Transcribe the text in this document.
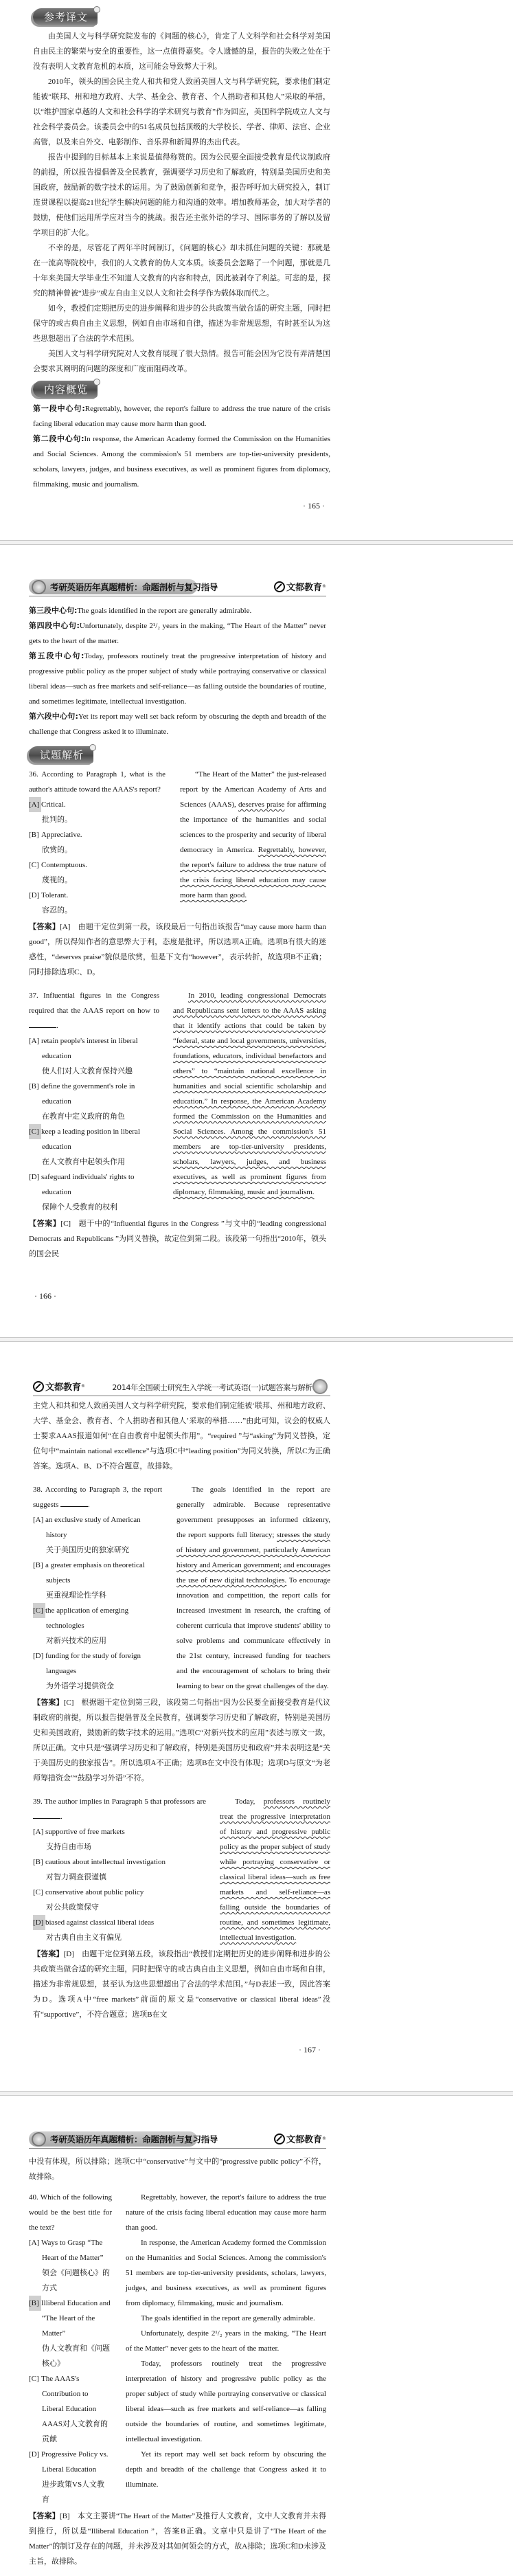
参考译文

由美国人文与科学研究院发布的《问题的核心》，肯定了人文科学和社会科学对美国自由民主的繁荣与安全的重要性，这一点值得嘉奖。令人遗憾的是，报告的失败之处在于没有表明人文教育危机的本质，这可能会导致弊大于利。

2010年，领头的国会民主党人和共和党人致函美国人文与科学研究院，要求他们制定能被“联邦、州和地方政府、大学、基金会、教育者、个人捐助者和其他人”采取的举措，以“维护国家卓越的人文和社会科学的学术研究与教育”作为回应，美国科学院成立人文与社会科学委员会。该委员会中的51名成员包括顶级的大学校长、学者、律师、法官、企业高管，以及来自外交、电影制作、音乐界和新闻界的杰出代表。

报告中提到的目标基本上来说是值得称赞的。因为公民要全面接受教育是代议制政府的前提，所以报告提倡普及全民教育，强调要学习历史和了解政府，特别是美国历史和美国政府，鼓励新的数字技术的运用。为了鼓励创新和竞争，报告呼吁加大研究投入，制订连贯课程以提高21世纪学生解决问题的能力和沟通的效率。增加教师基金，加大对学者的鼓励，使他们运用所学应对当今的挑战。报告还主张外语的学习、国际事务的了解以及留学项目的扩大化。

不幸的是，尽管花了两年半时间制订，《问题的核心》却未抓住问题的关键：那就是在一流高等院校中，我们的人文教育的伪人文本质。该委员会忽略了一个问题，那就是几十年来美国大学毕业生不知道人文教育的内容和特点，因此被剥夺了利益。可悲的是，探究的精神曾被“进步”或左自由主义以人文和社会科学作为载体取而代之。

如今，教授们定期把历史的进步阐释和进步的公共政策当做合适的研究主题，同时把保守的或古典自由主义思想，例如自由市场和自律，描述为非常规思想，有时甚至认为这些思想超出了合法的学术范围。

美国人文与科学研究院对人文教育展现了很大热情。报告可能会因为它没有弄清楚国会要求其阐明的问题的深度和广度而阻碍改革。

内容概览

第一段中心句:Regrettably, however, the report's failure to address the true nature of the crisis facing liberal education may cause more harm than good.

第二段中心句:In response, the American Academy formed the Commission on the Humanities and Social Sciences. Among the commission's 51 members are top-tier-university presidents, scholars, lawyers, judges, and business executives, as well as prominent figures from diplomacy, filmmaking, music and journalism.

· 165 ·
考研英语历年真题精析：命题剖析与复习指导	文都教育 ®

第三段中心句:The goals identified in the report are generally admirable.

第四段中心句:Unfortunately, despite 2¹/₂ years in the making, “The Heart of the Matter” never gets to the heart of the matter.

第五段中心句:Today, professors routinely treat the progressive interpretation of history and progressive public policy as the proper subject of study while portraying conservative or classical liberal ideas—such as free markets and self-reliance—as falling outside the boundaries of routine, and sometimes legitimate, intellectual investigation.

第六段中心句:Yet its report may well set back reform by obscuring the depth and breadth of the challenge that Congress asked it to illuminate.

试题解析

36. According to Paragraph 1, what is the author's attitude toward the AAAS's report?

[A] Critical.
批判的。
[B] Appreciative.
欣赏的。
[C] Contemptuous.
蔑视的。
[D] Tolerant.
容忍的。

“The Heart of the Matter” the just-released report by the American Academy of Arts and Sciences (AAAS), deserves praise for affirming the importance of the humanities and social sciences to the prosperity and security of liberal democracy in America. Regrettably, however, the report's failure to address the true nature of the crisis facing liberal education may cause more harm than good.

【答案】[A]  由题干定位到第一段，该段最后一句指出该报告“may cause more harm than good”，所以得知作者的意思弊大于利，态度是批评，所以选项A正确。选项B有很大的迷惑性，“deserves praise”貌似是欣赏，但是下文有“however”，表示转折，故选项B不正确；同时排除选项C、D。

37. Influential figures in the Congress required that the AAAS report on how to .

[A] retain people's interest in liberal education
使人们对人文教育保持兴趣
[B] define the government's role in education
在教育中定义政府的角色
[C] keep a leading position in liberal education
在人文教育中起领头作用
[D] safeguard individuals' rights to education
保障个人受教育的权利

In 2010, leading congressional Democrats and Republicans sent letters to the AAAS asking that it identify actions that could be taken by “federal, state and local governments, universities, foundations, educators, individual benefactors and others” to “maintain national excellence in humanities and social scientific scholarship and education.” In response, the American Academy formed the Commission on the Humanities and Social Sciences. Among the commission's 51 members are top-tier-university presidents, scholars, lawyers, judges, and business executives, as well as prominent figures from diplomacy, filmmaking, music and journalism.

【答案】[C]  题干中的“Influential figures in the Congress ”与文中的“leading congressional Democrats and Republicans ”为同义替换，故定位到第二段。该段第一句指出“2010年，领头的国会民

· 166 ·
文都教育 ®	2014年全国硕士研究生入学统一考试英语(一)试题答案与解析

主党人和共和党人致函美国人文与科学研究院，要求他们制定能被‘联邦、州和地方政府、大学、基金会、教育者、个人捐助者和其他人’采取的举措……”由此可知，议会的权威人士要求AAAS报道如何“在自由教育中起领头作用”。“required ”与“asking”为同义替换，定位句中“maintain national excellence”与选项C中“leading position”为同义转换，所以C为正确答案。选项A、B、D不符合题意，故排除。

38. According to Paragraph 3, the report suggests	.

[A] an exclusive study of American history
关于美国历史的独家研究
[B] a greater emphasis on theoretical subjects
更重视理论性学科
[C] the application of emerging technologies
对新兴技术的应用
[D] funding for the study of foreign languages
为外语学习提供资金

The goals identified in the report are generally admirable. Because representative government presupposes an informed citizenry, the report supports full literacy; stresses the study of history and government, particularly American history and American government; and encourages the use of new digital technologies. To encourage innovation and competition, the report calls for increased investment in research, the crafting of coherent curricula that improve students' ability to solve problems and communicate effectively in the 21st century, increased funding for teachers and the encouragement of scholars to bring their learning to bear on the great challenges of the day.

【答案】[C]  根据题干定位到第三段，该段第二句指出“因为公民要全面接受教育是代议制政府的前提，所以报告提倡普及全民教育，强调要学习历史和了解政府，特别是美国历史和美国政府，鼓励新的数字技术的运用。”选项C“对新兴技术的应用”表述与原文一致，所以正确。文中只是“强调学习历史和了解政府，特别是美国历史和政府”并未表明这是“关于美国历史的独家报告”。所以选项A不正确；选项B在文中没有体现；选项D与原文“为老师筹措资金”“鼓励学习外语”不符。

39. The author implies in Paragraph 5 that professors are .

[A] supportive of free markets
支持自由市场
[B] cautious about intellectual investigation
对智力调查很谨慎
[C] conservative about public policy
对公共政策保守
[D] biased against classical liberal ideas
对古典自由主义有偏见

Today, professors routinely treat the progressive interpretation of history and progressive public policy as the proper subject of study while portraying conservative or classical liberal ideas—such as free markets and self-reliance—as falling outside the boundaries of routine, and sometimes legitimate, intellectual investigation.

【答案】[D]  由题干定位到第五段，该段指出“教授们定期把历史的进步阐释和进步的公共政策当做合适的研究主题，同时把保守的或古典自由主义思想，例如自由市场和自律，描述为非常规思想，甚至认为这些思想超出了合法的学术范围。”与D表述一致，因此答案为D。选项A中“free markets”前面的原文是“conservative or classical liberal ideas”没有“supportive”，不符合题意；选项B在文

· 167 ·
考研英语历年真题精析：命题剖析与复习指导	文都教育 ®

中没有体现，所以排除；选项C中“conservative”与文中的“progressive public policy”不符，故排除。

40. Which of the following would be the best title for the text?

[A] Ways to Grasp “The Heart of the Matter”
领会《问题核心》的方式
[B] Illiberal Education and “The Heart of the Matter”
伪人文教育和《问题核心》
[C] The AAAS's Contribution to Liberal Education
AAAS对人文教育的贡献
[D] Progressive Policy vs. Liberal Education
进步政策VS人文教育

Regrettably, however, the report's failure to address the true nature of the crisis facing liberal education may cause more harm than good.

In response, the American Academy formed the Commission on the Humanities and Social Sciences. Among the commission's 51 members are top-tier-university presidents, scholars, lawyers, judges, and business executives, as well as prominent figures from diplomacy, filmmaking, music and journalism.

The goals identified in the report are generally admirable.

Unfortunately, despite 2¹/₂ years in the making, “The Heart of the Matter” never gets to the heart of the matter.

Today, professors routinely treat the progressive interpretation of history and progressive public policy as the proper subject of study while portraying conservative or classical liberal ideas—such as free markets and self-reliance—as falling outside the boundaries of routine, and sometimes legitimate, intellectual investigation.

Yet its report may well set back reform by obscuring the depth and breadth of the challenge that Congress asked it to illuminate.

【答案】[B]  本文主要讲“The Heart of the Matter”及推行人文教育，文中人文教育并未得到推行，所以是“Illiberal Education ”，答案B正确。文章中只是讲了“The Heart of the Matter”的制订及存在的问题，并未涉及对其如何领会的方式，故A排除；选项C和D未涉及主旨，故排除。
